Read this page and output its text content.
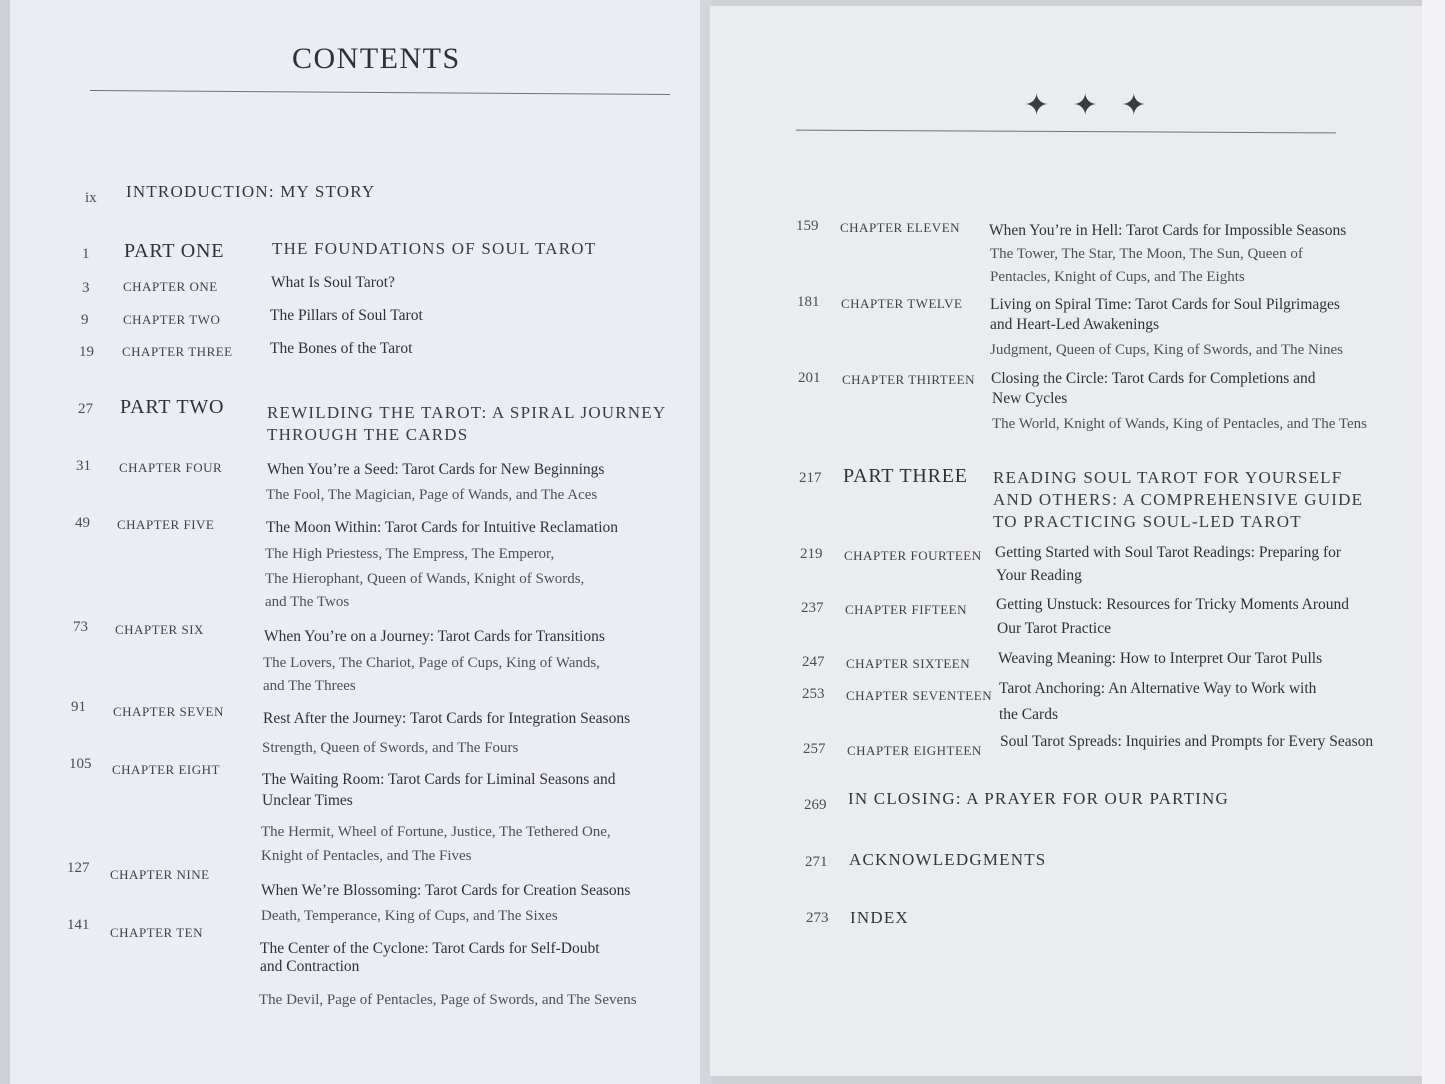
CONTENTS
ix INTRODUCTION: MY STORY
1 PART ONE	THE FOUNDATIONS OF SOUL TAROT
3	CHAPTER ONE	What Is Soul Tarot?
9	CHAPTER TWO	The Pillars of Soul Tarot
19 CHAPTER THREE The Bones of the Tarot
27 PART TWO	REWILDING THE TAROT: A SPIRAL JOURNEY
THROUGH THE CARDS
31 CHAPTER FOUR	When You’re a Seed: Tarot Cards for New Beginnings
The Fool, The Magician, Page of Wands, and The Aces
49 CHAPTER FIVE	The Moon Within: Tarot Cards for Intuitive Reclamation
The High Priestess, The Empress, The Emperor,
The Hierophant, Queen of Wands, Knight of Swords,
and The Twos
73 CHAPTER SIX	When You’re on a Journey: Tarot Cards for Transitions
The Lovers, The Chariot, Page of Cups, King of Wands,
and The Threes
91 CHAPTER SEVEN	Rest After the Journey: Tarot Cards for Integration Seasons
Strength, Queen of Swords, and The Fours
105 CHAPTER EIGHT
The Waiting Room: Tarot Cards for Liminal Seasons and
Unclear Times
The Hermit, Wheel of Fortune, Justice, The Tethered One,
Knight of Pentacles, and The Fives
127 CHAPTER NINE
When We’re Blossoming: Tarot Cards for Creation Seasons
Death, Temperance, King of Cups, and The Sixes
141 CHAPTER TEN
The Center of the Cyclone: Tarot Cards for Self-Doubt
and Contraction
The Devil, Page of Pentacles, Page of Swords, and The Sevens
✦ ✦ ✦
159 CHAPTER ELEVEN When You’re in Hell: Tarot Cards for Impossible Seasons
The Tower, The Star, The Moon, The Sun, Queen of
Pentacles, Knight of Cups, and The Eights
181 CHAPTER TWELVE Living on Spiral Time: Tarot Cards for Soul Pilgrimages
and Heart-Led Awakenings
Judgment, Queen of Cups, King of Swords, and The Nines
201 CHAPTER THIRTEEN Closing the Circle: Tarot Cards for Completions and
New Cycles
The World, Knight of Wands, King of Pentacles, and The Tens
217 PART THREE READING SOUL TAROT FOR YOURSELF
AND OTHERS: A COMPREHENSIVE GUIDE
TO PRACTICING SOUL-LED TAROT
219 CHAPTER FOURTEEN Getting Started with Soul Tarot Readings: Preparing for
Your Reading
237 CHAPTER FIFTEEN Getting Unstuck: Resources for Tricky Moments Around
Our Tarot Practice
247 CHAPTER SIXTEEN Weaving Meaning: How to Interpret Our Tarot Pulls
253 CHAPTER SEVENTEEN Tarot Anchoring: An Alternative Way to Work with
the Cards
257 CHAPTER EIGHTEEN
Soul Tarot Spreads: Inquiries and Prompts for Every Season
269 IN CLOSING: A PRAYER FOR OUR PARTING
271 ACKNOWLEDGMENTS
273 INDEX
